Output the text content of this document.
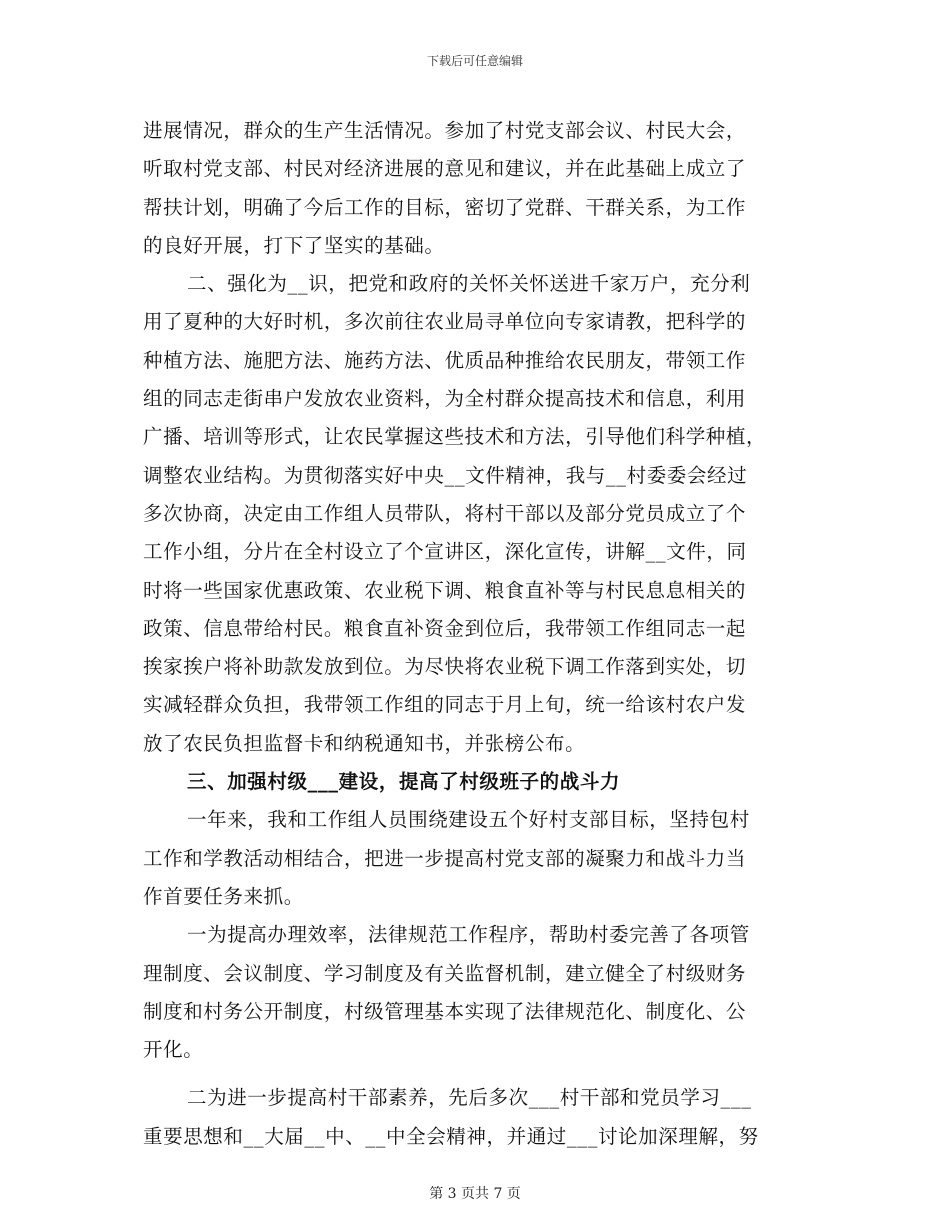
下载后可任意编辑
进展情况，群众的生产生活情况。参加了村党支部会议、村民大会，
听取村党支部、村民对经济进展的意见和建议，并在此基础上成立了
帮扶计划，明确了今后工作的目标，密切了党群、干群关系，为工作
的良好开展，打下了坚实的基础。
二、强化为__识，把党和政府的关怀关怀送进千家万户，充分利
用了夏种的大好时机，多次前往农业局寻单位向专家请教，把科学的
种植方法、施肥方法、施药方法、优质品种推给农民朋友，带领工作
组的同志走街串户发放农业资料，为全村群众提高技术和信息，利用
广播、培训等形式，让农民掌握这些技术和方法，引导他们科学种植，
调整农业结构。为贯彻落实好中央__文件精神，我与__村委委会经过
多次协商，决定由工作组人员带队，将村干部以及部分党员成立了个
工作小组，分片在全村设立了个宣讲区，深化宣传，讲解__文件，同
时将一些国家优惠政策、农业税下调、粮食直补等与村民息息相关的
政策、信息带给村民。粮食直补资金到位后，我带领工作组同志一起
挨家挨户将补助款发放到位。为尽快将农业税下调工作落到实处，切
实减轻群众负担，我带领工作组的同志于月上旬，统一给该村农户发
放了农民负担监督卡和纳税通知书，并张榜公布。
三、加强村级___建设，提高了村级班子的战斗力
一年来，我和工作组人员围绕建设五个好村支部目标，坚持包村
工作和学教活动相结合，把进一步提高村党支部的凝聚力和战斗力当
作首要任务来抓。
一为提高办理效率，法律规范工作程序，帮助村委完善了各项管
理制度、会议制度、学习制度及有关监督机制，建立健全了村级财务
制度和村务公开制度，村级管理基本实现了法律规范化、制度化、公
开化。
二为进一步提高村干部素养，先后多次___村干部和党员学习___
重要思想和__大届__中、__中全会精神，并通过___讨论加深理解，努
第 3 页共 7 页
